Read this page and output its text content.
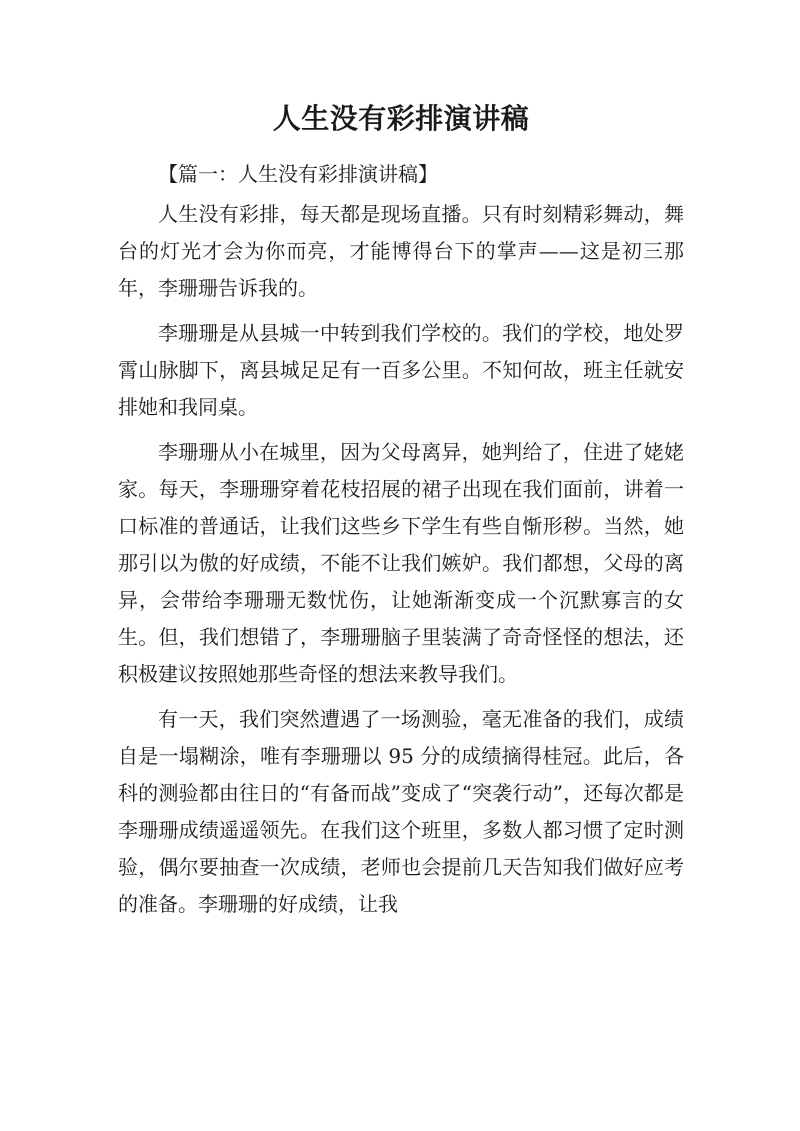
人生没有彩排演讲稿
【篇一：人生没有彩排演讲稿】

人生没有彩排，每天都是现场直播。只有时刻精彩舞动，舞台的灯光才会为你而亮，才能博得台下的掌声——这是初三那年，李珊珊告诉我的。

李珊珊是从县城一中转到我们学校的。我们的学校，地处罗霄山脉脚下，离县城足足有一百多公里。不知何故，班主任就安排她和我同桌。

李珊珊从小在城里，因为父母离异，她判给了，住进了姥姥家。每天，李珊珊穿着花枝招展的裙子出现在我们面前，讲着一口标准的普通话，让我们这些乡下学生有些自惭形秽。当然，她那引以为傲的好成绩，不能不让我们嫉妒。我们都想，父母的离异，会带给李珊珊无数忧伤，让她渐渐变成一个沉默寡言的女生。但，我们想错了，李珊珊脑子里装满了奇奇怪怪的想法，还积极建议按照她那些奇怪的想法来教导我们。

有一天，我们突然遭遇了一场测验，毫无准备的我们，成绩自是一塌糊涂，唯有李珊珊以 95 分的成绩摘得桂冠。此后，各科的测验都由往日的“有备而战”变成了“突袭行动”，还每次都是李珊珊成绩遥遥领先。在我们这个班里，多数人都习惯了定时测验，偶尔要抽查一次成绩，老师也会提前几天告知我们做好应考的准备。李珊珊的好成绩，让我
